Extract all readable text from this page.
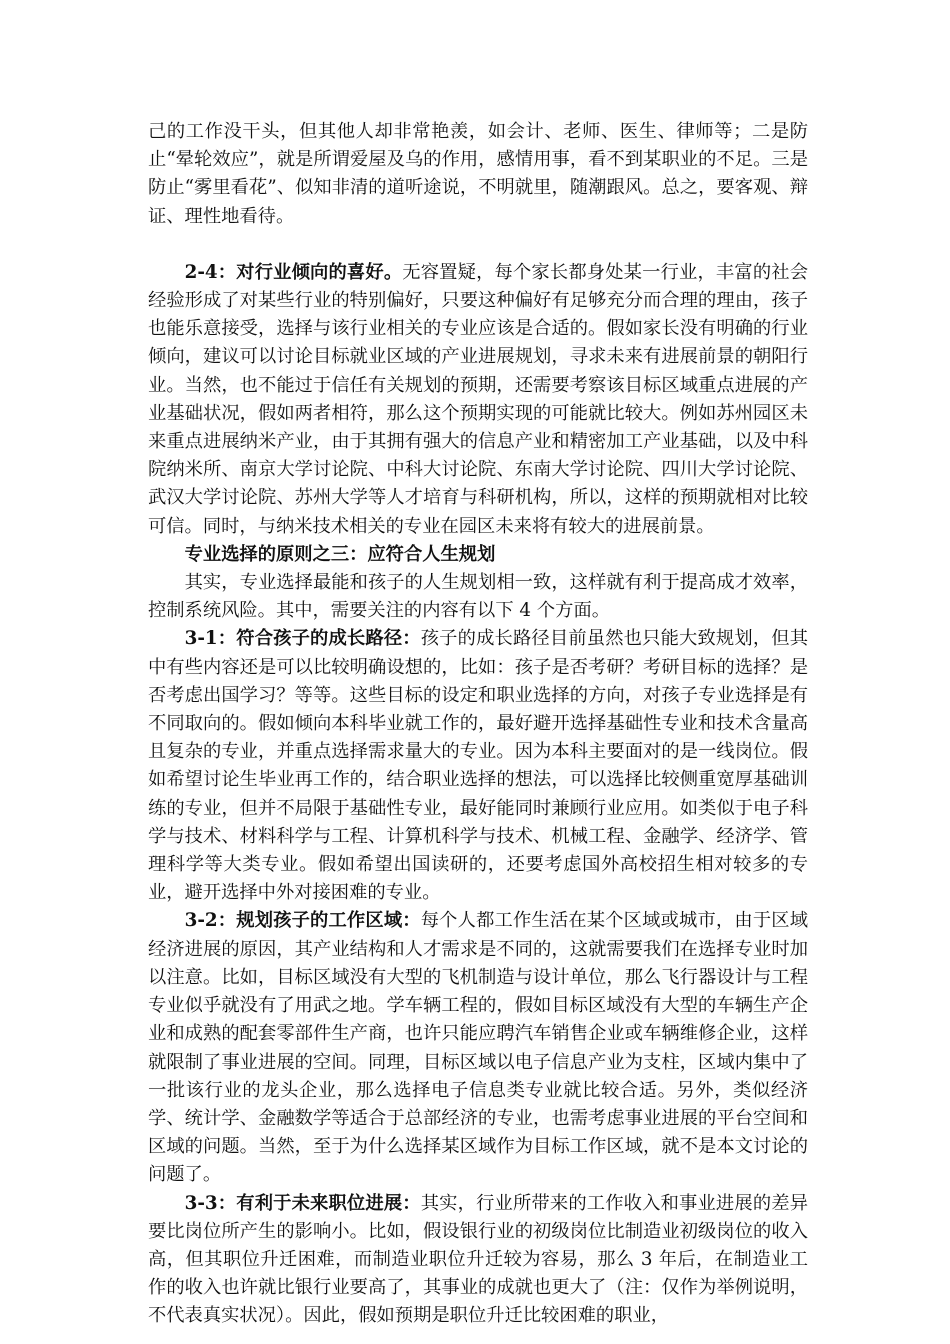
己的工作没干头，但其他人却非常艳羡，如会计、老师、医生、律师等；二是防止“晕轮效应”，就是所谓爱屋及乌的作用，感情用事，看不到某职业的不足。三是防止“雾里看花”、似知非清的道听途说，不明就里，随潮跟风。总之，要客观、辩证、理性地看待。

2-4：对行业倾向的喜好。无容置疑，每个家长都身处某一行业，丰富的社会经验形成了对某些行业的特别偏好，只要这种偏好有足够充分而合理的理由，孩子也能乐意接受，选择与该行业相关的专业应该是合适的。假如家长没有明确的行业倾向，建议可以讨论目标就业区域的产业进展规划，寻求未来有进展前景的朝阳行业。当然，也不能过于信任有关规划的预期，还需要考察该目标区域重点进展的产业基础状况，假如两者相符，那么这个预期实现的可能就比较大。例如苏州园区未来重点进展纳米产业，由于其拥有强大的信息产业和精密加工产业基础，以及中科院纳米所、南京大学讨论院、中科大讨论院、东南大学讨论院、四川大学讨论院、武汉大学讨论院、苏州大学等人才培育与科研机构，所以，这样的预期就相对比较可信。同时，与纳米技术相关的专业在园区未来将有较大的进展前景。

专业选择的原则之三：应符合人生规划

其实，专业选择最能和孩子的人生规划相一致，这样就有利于提高成才效率，控制系统风险。其中，需要关注的内容有以下 4 个方面。

3-1：符合孩子的成长路径：孩子的成长路径目前虽然也只能大致规划，但其中有些内容还是可以比较明确设想的，比如：孩子是否考研？考研目标的选择？是否考虑出国学习？等等。这些目标的设定和职业选择的方向，对孩子专业选择是有不同取向的。假如倾向本科毕业就工作的，最好避开选择基础性专业和技术含量高且复杂的专业，并重点选择需求量大的专业。因为本科主要面对的是一线岗位。假如希望讨论生毕业再工作的，结合职业选择的想法，可以选择比较侧重宽厚基础训练的专业，但并不局限于基础性专业，最好能同时兼顾行业应用。如类似于电子科学与技术、材料科学与工程、计算机科学与技术、机械工程、金融学、经济学、管理科学等大类专业。假如希望出国读研的，还要考虑国外高校招生相对较多的专业，避开选择中外对接困难的专业。

3-2：规划孩子的工作区域：每个人都工作生活在某个区域或城市，由于区域经济进展的原因，其产业结构和人才需求是不同的，这就需要我们在选择专业时加以注意。比如，目标区域没有大型的飞机制造与设计单位，那么飞行器设计与工程专业似乎就没有了用武之地。学车辆工程的，假如目标区域没有大型的车辆生产企业和成熟的配套零部件生产商，也许只能应聘汽车销售企业或车辆维修企业，这样就限制了事业进展的空间。同理，目标区域以电子信息产业为支柱，区域内集中了一批该行业的龙头企业，那么选择电子信息类专业就比较合适。另外，类似经济学、统计学、金融数学等适合于总部经济的专业，也需考虑事业进展的平台空间和区域的问题。当然，至于为什么选择某区域作为目标工作区域，就不是本文讨论的问题了。

3-3：有利于未来职位进展：其实，行业所带来的工作收入和事业进展的差异要比岗位所产生的影响小。比如，假设银行业的初级岗位比制造业初级岗位的收入高，但其职位升迁困难，而制造业职位升迁较为容易，那么 3 年后，在制造业工作的收入也许就比银行业要高了，其事业的成就也更大了（注：仅作为举例说明，不代表真实状况）。因此，假如预期是职位升迁比较困难的职业，
